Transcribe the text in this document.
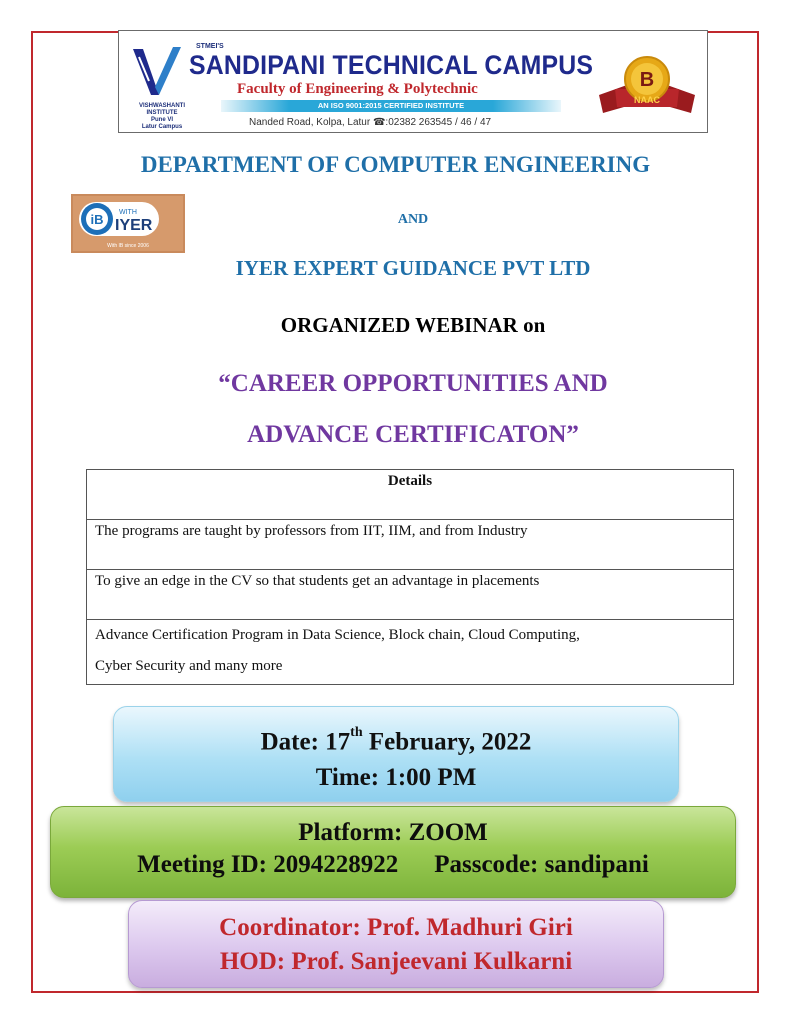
VISHWASHANTI
INSTITUTE
Pune VI
Latur Campus
STMEI'S
SANDIPANI TECHNICAL CAMPUS
Faculty of Engineering & Polytechnic
AN ISO 9001:2015 CERTIFIED INSTITUTE
Nanded Road, Kolpa, Latur ☎:02382 263545 / 46 / 47
B
NAAC
DEPARTMENT OF COMPUTER ENGINEERING
iB WITH
IYER
With IB since 2006
AND
IYER EXPERT GUIDANCE PVT LTD
ORGANIZED WEBINAR on
“CAREER OPPORTUNITIES AND
ADVANCE CERTIFICATON”
Details
The programs are taught by professors from IIT, IIM, and from Industry
To give an edge in the CV so that students get an advantage in placements

Advance Certification Program in Data Science, Block chain, Cloud Computing,
Cyber Security and many more
Date: 17th February, 2022
Time: 1:00 PM
Platform: ZOOM
Meeting ID: 2094228922 Passcode: sandipani
Coordinator: Prof. Madhuri Giri
HOD: Prof. Sanjeevani Kulkarni
